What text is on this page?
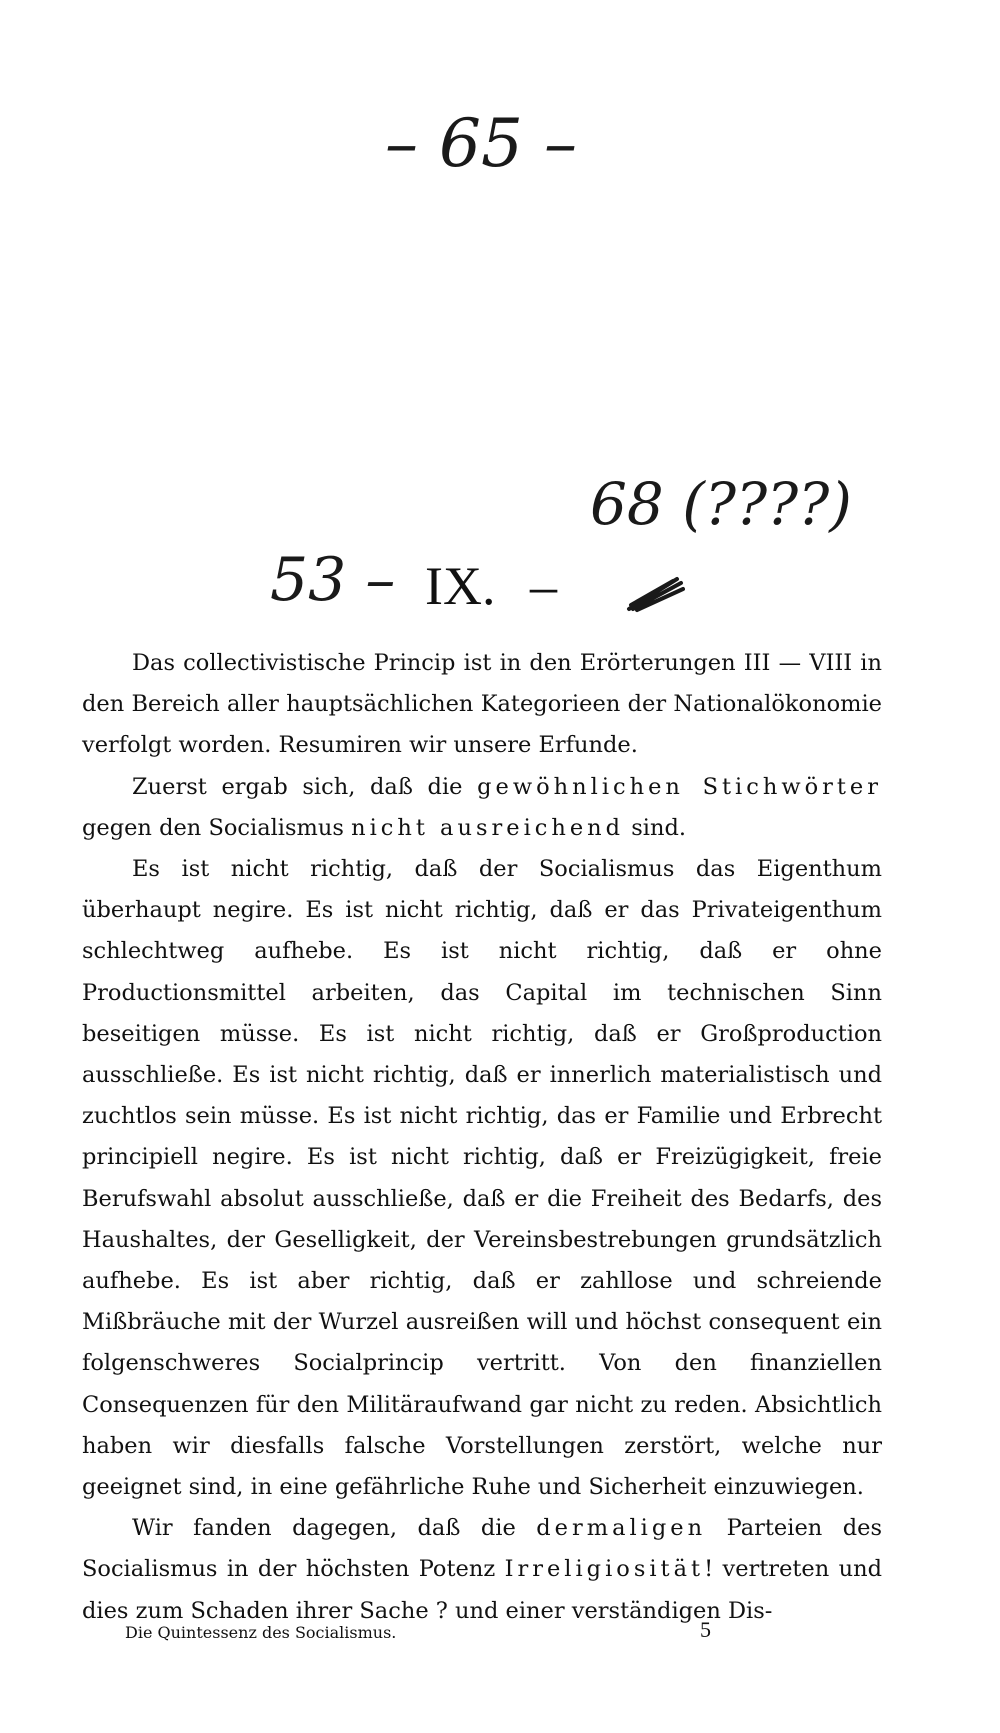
– 65 –
53 – IX. –
68 (????)

Das collectivistische Princip ist in den Erörterungen III — VIII in den Bereich aller hauptsächlichen Kategorieen der Nationalökonomie verfolgt worden. Resumiren wir unsere Erfunde.

Zuerst ergab sich, daß die gewöhnlichen Stichwörter gegen den Socialismus nicht ausreichend sind.

Es ist nicht richtig, daß der Socialismus das Eigenthum überhaupt negire. Es ist nicht richtig, daß er das Privateigenthum schlechtweg aufhebe. Es ist nicht richtig, daß er ohne Productionsmittel arbeiten, das Capital im technischen Sinn beseitigen müsse. Es ist nicht richtig, daß er Großproduction ausschließe. Es ist nicht richtig, daß er innerlich materialistisch und zuchtlos sein müsse. Es ist nicht richtig, das er Familie und Erbrecht principiell negire. Es ist nicht richtig, daß er Freizügigkeit, freie Berufswahl absolut ausschließe, daß er die Freiheit des Bedarfs, des Haushaltes, der Geselligkeit, der Vereinsbestrebungen grundsätzlich aufhebe. Es ist aber richtig, daß er zahllose und schreiende Mißbräuche mit der Wurzel ausreißen will und höchst consequent ein folgenschweres Socialprincip vertritt. Von den finanziellen Consequenzen für den Militäraufwand gar nicht zu reden. Absichtlich haben wir diesfalls falsche Vorstellungen zerstört, welche nur geeignet sind, in eine gefährliche Ruhe und Sicherheit einzuwiegen.

Wir fanden dagegen, daß die dermaligen Parteien des Socialismus in der höchsten Potenz Irreligiosität! vertreten und dies zum Schaden ihrer Sache ? und einer verständigen Dis-

Die Quintessenz des Socialismus.	5
